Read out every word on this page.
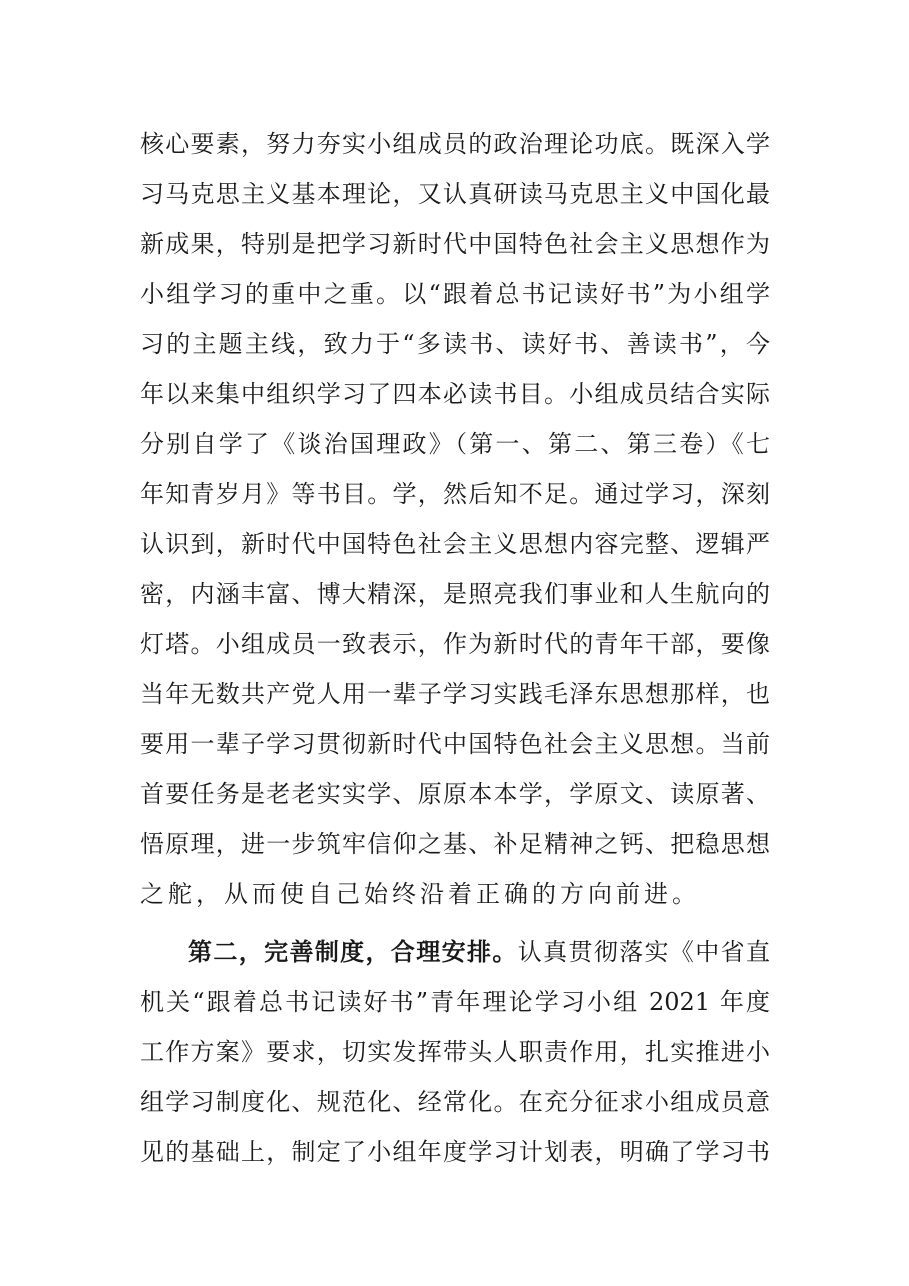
核心要素，努力夯实小组成员的政治理论功底。既深入学
习马克思主义基本理论，又认真研读马克思主义中国化最
新成果，特别是把学习新时代中国特色社会主义思想作为
小组学习的重中之重。以“跟着总书记读好书”为小组学
习的主题主线，致力于“多读书、读好书、善读书”，今
年以来集中组织学习了四本必读书目。小组成员结合实际
分别自学了《谈治国理政》（第一、第二、第三卷）《七
年知青岁月》等书目。学，然后知不足。通过学习，深刻
认识到，新时代中国特色社会主义思想内容完整、逻辑严
密，内涵丰富、博大精深，是照亮我们事业和人生航向的
灯塔。小组成员一致表示，作为新时代的青年干部，要像
当年无数共产党人用一辈子学习实践毛泽东思想那样，也
要用一辈子学习贯彻新时代中国特色社会主义思想。当前
首要任务是老老实实学、原原本本学，学原文、读原著、
悟原理，进一步筑牢信仰之基、补足精神之钙、把稳思想
之舵，从而使自己始终沿着正确的方向前进。
第二，完善制度，合理安排。认真贯彻落实《中省直
机关“跟着总书记读好书”青年理论学习小组 2021 年度
工作方案》要求，切实发挥带头人职责作用，扎实推进小
组学习制度化、规范化、经常化。在充分征求小组成员意
见的基础上，制定了小组年度学习计划表，明确了学习书
